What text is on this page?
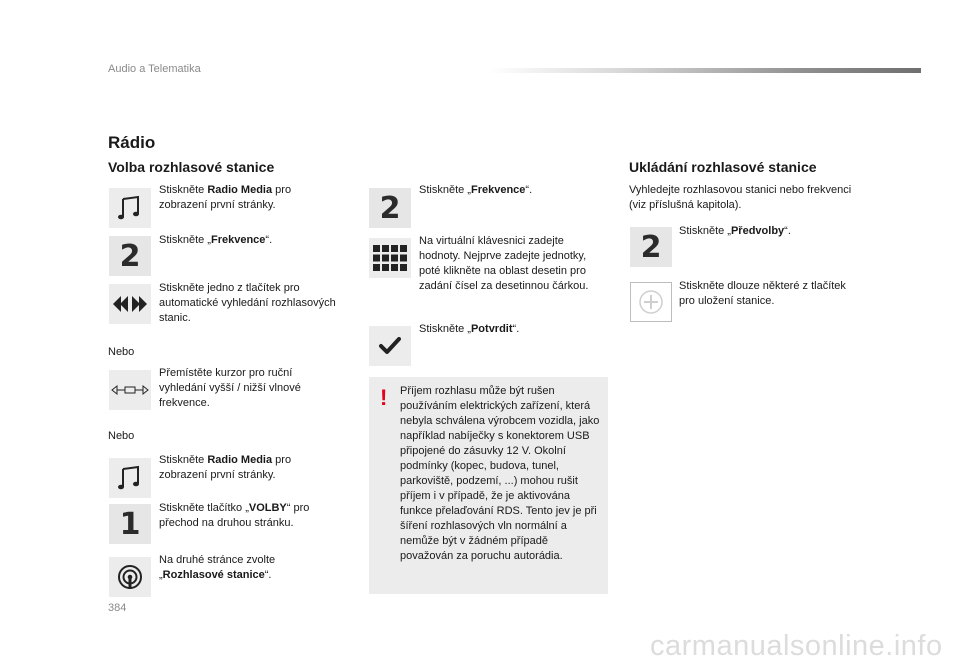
Audio a Telematika
Rádio
Volba rozhlasové stanice
Stiskněte Radio Media pro zobrazení první stránky.
2	Stiskněte „Frekvence“.
Stiskněte jedno z tlačítek pro automatické vyhledání rozhlasových stanic.
Nebo
Přemístěte kurzor pro ruční vyhledání vyšší / nižší vlnové frekvence.
Nebo
Stiskněte Radio Media pro zobrazení první stránky.
1	Stiskněte tlačítko „VOLBY“ pro přechod na druhou stránku.
Na druhé stránce zvolte „Rozhlasové stanice“.
2
Stiskněte „Frekvence“.
Na virtuální klávesnici zadejte hodnoty. Nejprve zadejte jednotky, poté klikněte na oblast desetin pro zadání čísel za desetinnou čárkou.
Stiskněte „Potvrdit“.
! Příjem rozhlasu může být rušen používáním elektrických zařízení, která nebyla schválena výrobcem vozidla, jako například nabíječky s konektorem USB připojené do zásuvky 12 V. Okolní podmínky (kopec, budova, tunel, parkoviště, podzemí, ...) mohou rušit příjem i v případě, že je aktivována funkce přelaďování RDS. Tento jev je při šíření rozhlasových vln normální a nemůže být v žádném případě považován za poruchu autorádia.
Ukládání rozhlasové stanice
Vyhledejte rozhlasovou stanici nebo frekvenci (viz příslušná kapitola).
2	Stiskněte „Předvolby“.
Stiskněte dlouze některé z tlačítek pro uložení stanice.
384
carmanualsonline.info
